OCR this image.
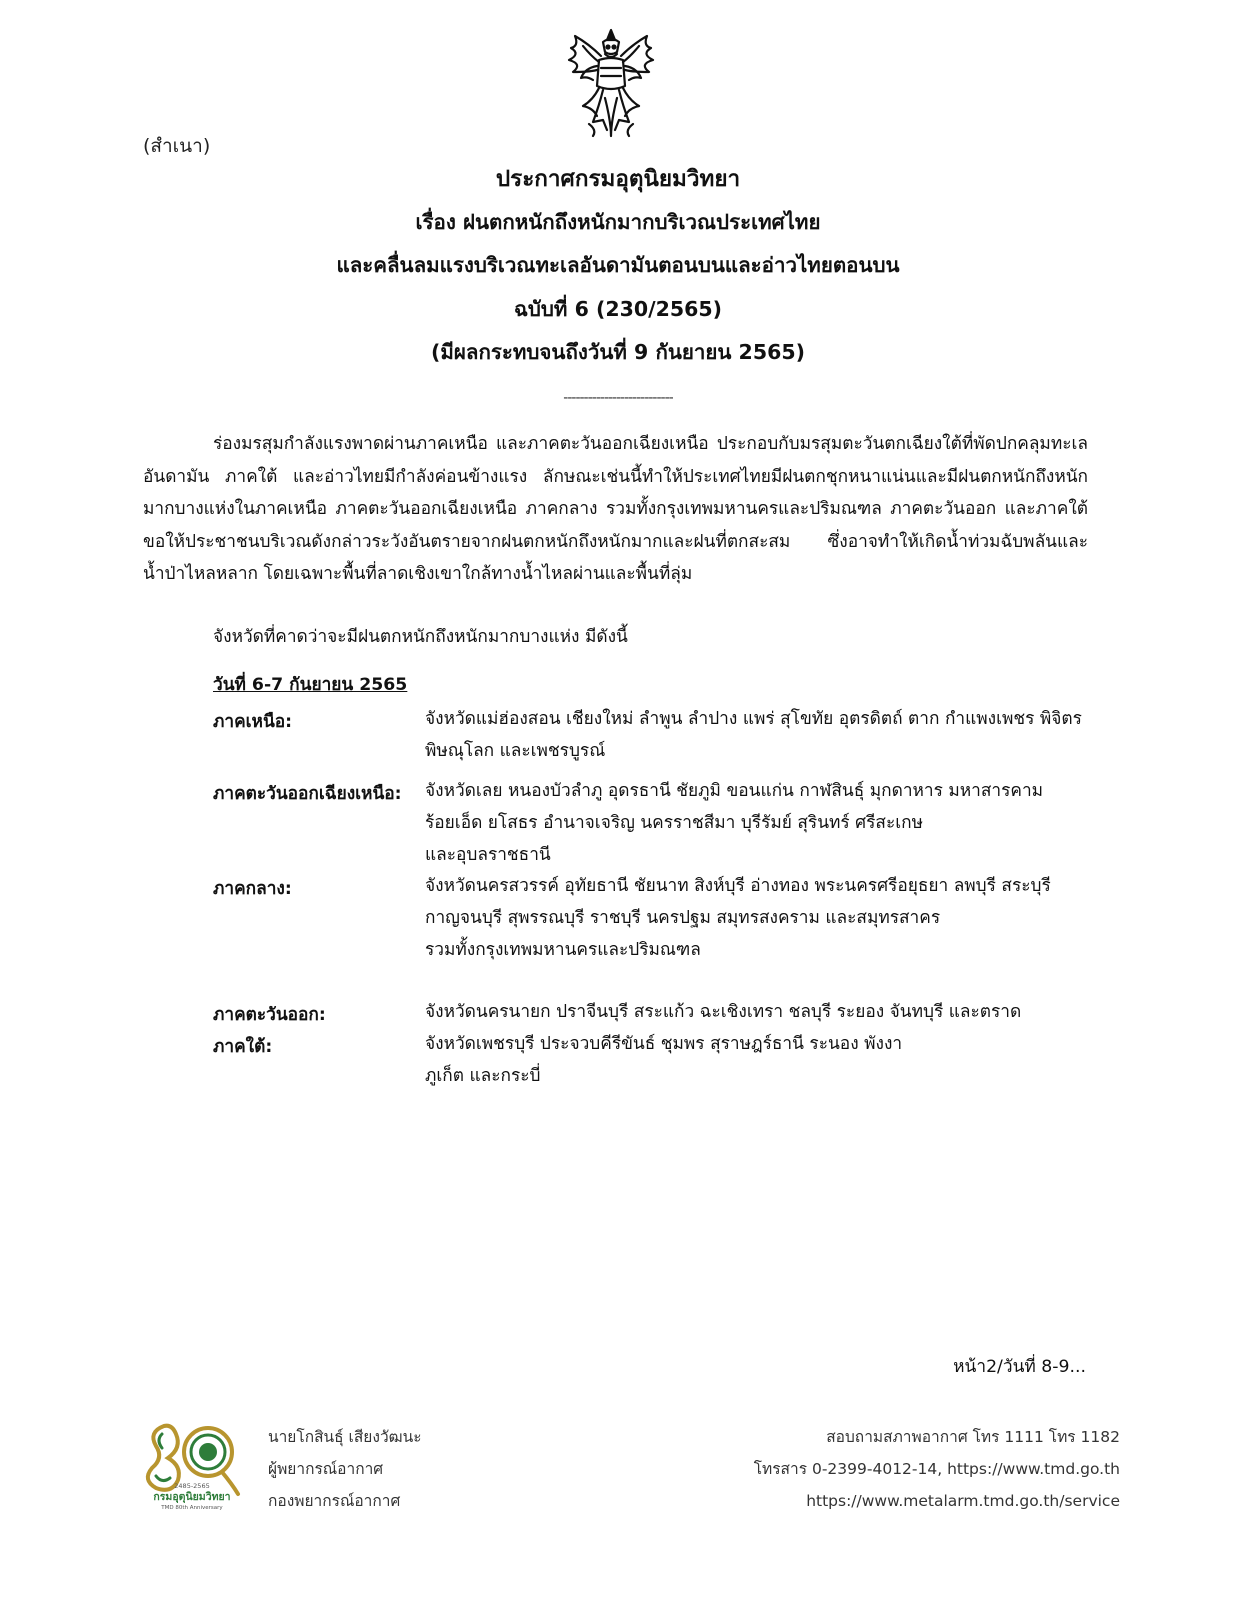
(สำเนา)
ประกาศกรมอุตุนิยมวิทยา
เรื่อง ฝนตกหนักถึงหนักมากบริเวณประเทศไทย
และคลื่นลมแรงบริเวณทะเลอันดามันตอนบนและอ่าวไทยตอนบน
ฉบับที่ 6 (230/2565)
(มีผลกระทบจนถึงวันที่ 9 กันยายน 2565)
---------------------------

ร่องมรสุมกำลังแรงพาดผ่านภาคเหนือ และภาคตะวันออกเฉียงเหนือ ประกอบกับมรสุมตะวันตกเฉียงใต้ที่พัดปกคลุมทะเลอันดามัน ภาคใต้ และอ่าวไทยมีกำลังค่อนข้างแรง ลักษณะเช่นนี้ทำให้ประเทศไทยมีฝนตกชุกหนาแน่นและมีฝนตกหนักถึงหนักมากบางแห่งในภาคเหนือ ภาคตะวันออกเฉียงเหนือ ภาคกลาง รวมทั้งกรุงเทพมหานครและปริมณฑล ภาคตะวันออก และภาคใต้ ขอให้ประชาชนบริเวณดังกล่าวระวังอันตรายจากฝนตกหนักถึงหนักมากและฝนที่ตกสะสม ซึ่งอาจทำให้เกิดน้ำท่วมฉับพลันและน้ำป่าไหลหลาก โดยเฉพาะพื้นที่ลาดเชิงเขาใกล้ทางน้ำไหลผ่านและพื้นที่ลุ่ม

จังหวัดที่คาดว่าจะมีฝนตกหนักถึงหนักมากบางแห่ง มีดังนี้
วันที่ 6-7 กันยายน 2565
ภาคเหนือ:	จังหวัดแม่ฮ่องสอน เชียงใหม่ ลำพูน ลำปาง แพร่ สุโขทัย อุตรดิตถ์ ตาก กำแพงเพชร พิจิตร
พิษณุโลก และเพชรบูรณ์
ภาคตะวันออกเฉียงเหนือ: จังหวัดเลย หนองบัวลำภู อุดรธานี ชัยภูมิ ขอนแก่น กาฬสินธุ์ มุกดาหาร มหาสารคาม
ร้อยเอ็ด ยโสธร อำนาจเจริญ นครราชสีมา บุรีรัมย์ สุรินทร์ ศรีสะเกษ
และอุบลราชธานี
ภาคกลาง:	จังหวัดนครสวรรค์ อุทัยธานี ชัยนาท สิงห์บุรี อ่างทอง พระนครศรีอยุธยา ลพบุรี สระบุรี
กาญจนบุรี สุพรรณบุรี ราชบุรี นครปฐม สมุทรสงคราม และสมุทรสาคร
รวมทั้งกรุงเทพมหานครและปริมณฑล
ภาคตะวันออก:	จังหวัดนครนายก ปราจีนบุรี สระแก้ว ฉะเชิงเทรา ชลบุรี ระยอง จันทบุรี และตราด
ภาคใต้:	จังหวัดเพชรบุรี ประจวบคีรีขันธ์ ชุมพร สุราษฎร์ธานี ระนอง พังงา
ภูเก็ต และกระบี่
หน้า2/วันที่ 8-9...
2485-2565
กรมอุตุนิยมวิทยา
TMD 80th Anniversary
นายโกสินธุ์ เสียงวัฒนะ
ผู้พยากรณ์อากาศ
กองพยากรณ์อากาศ
สอบถามสภาพอากาศ โทร 1111 โทร 1182
โทรสาร 0-2399-4012-14, https://www.tmd.go.th
https://www.metalarm.tmd.go.th/service
